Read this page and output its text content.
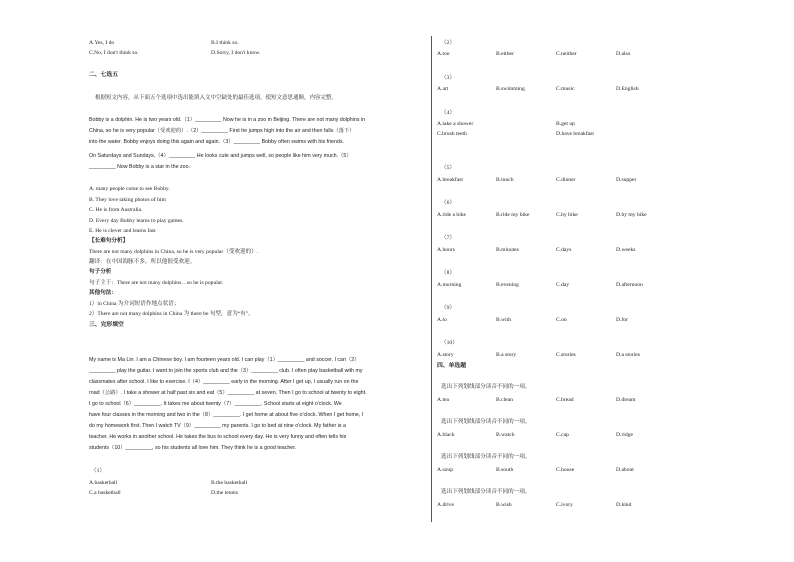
A.Yes, I do	B.I think so.
C.No, I don't think so.	D.Sorry, I don't know.
二、七选五
根据短文内容，从下面五个选项中选出能填入文中空缺处的最佳选项，使短文意思通顺，内容完整。
Bobby is a dolphin. He is two years old.（1）_________ Now he is in a zoo in Beijing. There are not many dolphins in
China, so he is very popular（受欢迎的）.（2）_________ First he jumps high into the air and then falls（落下）
into the water. Bobby enjoys doing this again and again.（3）_________ Bobby often swims with his friends.
On Saturdays and Sundays,（4）_________ He looks cute and jumps well, so people like him very much.（5）
_________ Now Bobby is a star in the zoo.
A. many people come to see Bobby.
B. They love taking photos of him
C. He is from Australia.
D. Every day Bobby learns to play games.
E. He is clever and learns fast
【长难句分析】
There are not many dolphins in China, so he is very popular（受欢迎的）.
翻译：在中国海豚不多，所以他很受欢迎。
句子分析
句子主干：There are not many dolphins…so he is popular.
其他句法：
1）in China 为介词短语作地点状语；
2）There are not many dolphins in China 为 there be 句型，意为“有”。
三、完形填空
My name is Ma Lin. I am a Chinese boy. I am fourteen years old. I can play（1）_________ and soccer. I can（2）
_________ play the guitar. I want to join the sports club and the（3）_________ club. I often play basketball with my
classmates after school. I like to exercise. I（4）_________ early in the morning. After I get up, I usually run on the
road（公路）. I take a shower at half past six and eat（5）_________ at seven. Then I go to school at twenty to eight.
I go to school（6）_________. It takes me about twenty（7）_________. School starts at eight o'clock. We
have four classes in the morning and two in the（8）_________. I get home at about five o'clock. When I get home, I
do my homework first. Then I watch TV（9）_________ my parents. I go to bed at nine o'clock. My father is a
teacher. He works in another school. He takes the bus to school every day. He is very funny and often tells his
students（10）_________, so his students all love him. They think he is a good teacher.
（1）
A.basketball	B.the basketball
C.a basketball	D.the tennis
（2）
A.too	B.either	C.neither	D.also
（3）
A.art	B.swimming	C.music	D.English
（4）
A.take a shower	B.get up
C.brush teeth	D.have breakfast
（5）
A.breakfast	B.lunch	C.dinner	D.supper
（6）
A.ride a bike	B.ride my bike	C.by bike	D.by my bike
（7）
A.hours	B.minutes	C.days	D.weeks
（8）
A.morning	B.evening	C.day	D.afternoon
（9）
A.to	B.with	C.on	D.for
（10）
A.story	B.a story	C.stories	D.a stories
四、单选题
选出下列划线部分读音不同的一项。
A.tea	B.clean	C.bread	D.dream
选出下列划线部分读音不同的一项。
A.black	B.watch	C.cap	D.ridge
选出下列划线部分读音不同的一项。
A.soup	B.south	C.house	D.about
选出下列划线部分读音不同的一项。
A.drive	B.wish	C.ivory	D.kind
